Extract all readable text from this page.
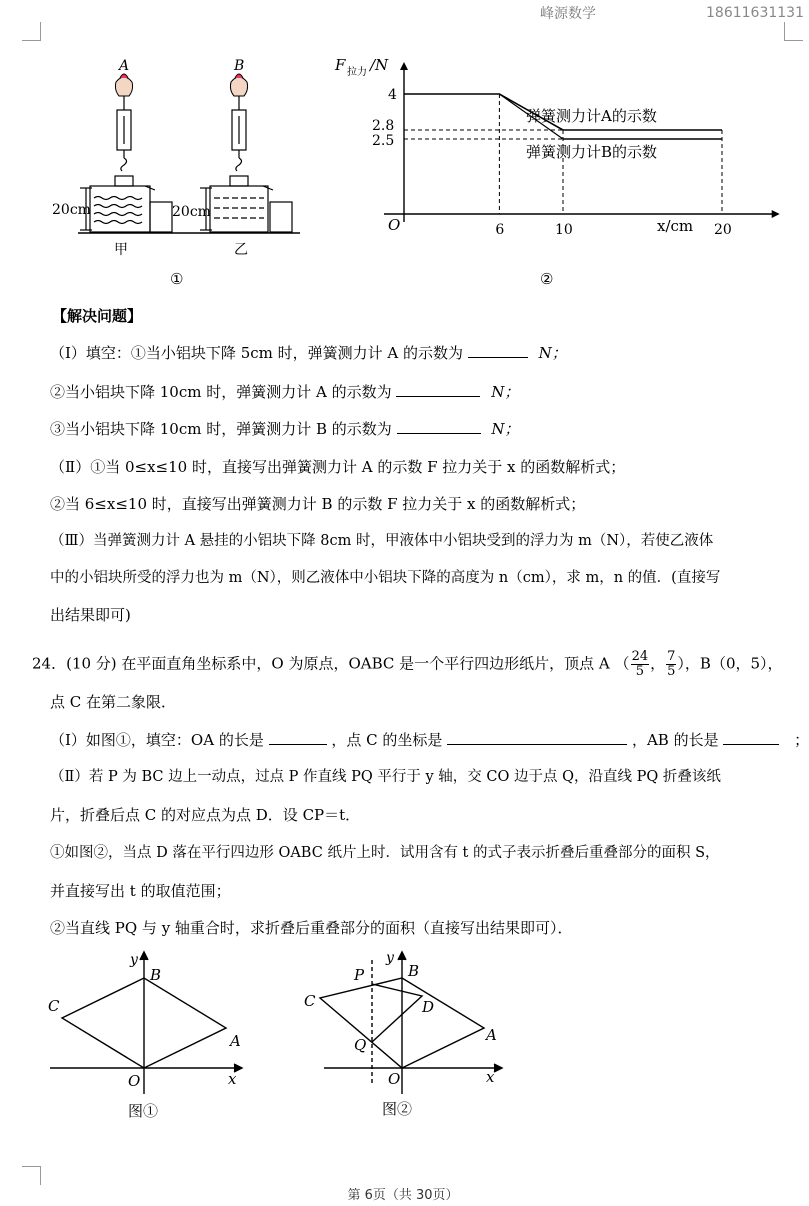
峰源数学	18611631131
A	B
20cm	20cm
甲	乙
①
6	10	20
4
2.8
2.5
F 拉力 /N
x/cm
O
弹簧测力计A的示数
弹簧测力计B的示数
②
【解决问题】
（Ⅰ）填空：①当小铝块下降 5cm 时，弹簧测力计 A 的示数为	N；
②当小铝块下降 10cm 时，弹簧测力计 A 的示数为	N；
③当小铝块下降 10cm 时，弹簧测力计 B 的示数为	N；
（Ⅱ）①当 0≤x≤10 时，直接写出弹簧测力计 A 的示数 F 拉力关于 x 的函数解析式；
②当 6≤x≤10 时，直接写出弹簧测力计 B 的示数 F 拉力关于 x 的函数解析式；
（Ⅲ）当弹簧测力计 A 悬挂的小铝块下降 8cm 时，甲液体中小铝块受到的浮力为 m（N），若使乙液体
中的小铝块所受的浮力也为 m（N），则乙液体中小铝块下降的高度为 n（cm），求 m，n 的值．(直接写
出结果即可)
24．(10 分) 在平面直角坐标系中，O 为原点，OABC 是一个平行四边形纸片，顶点 A （ $\frac{24}{5}$ ， $\frac{7}{5}$ ），B（0，5），
点 C 在第二象限．
（Ⅰ）如图①，填空：OA 的长是	，点 C 的坐标是	，AB 的长是	；
（Ⅱ）若 P 为 BC 边上一动点，过点 P 作直线 PQ 平行于 y 轴，交 CO 边于点 Q，沿直线 PQ 折叠该纸
片，折叠后点 C 的对应点为点 D．设 CP＝t．
①如图②，当点 D 落在平行四边形 OABC 纸片上时．试用含有 t 的式子表示折叠后重叠部分的面积 S，
并直接写出 t 的取值范围；
②当直线 PQ 与 y 轴重合时，求折叠后重叠部分的面积（直接写出结果即可）．
y
B
C
A
O	x
图①
y
P	B
C	D
Q
A
O	x
图②
第 6页（共 30页）
